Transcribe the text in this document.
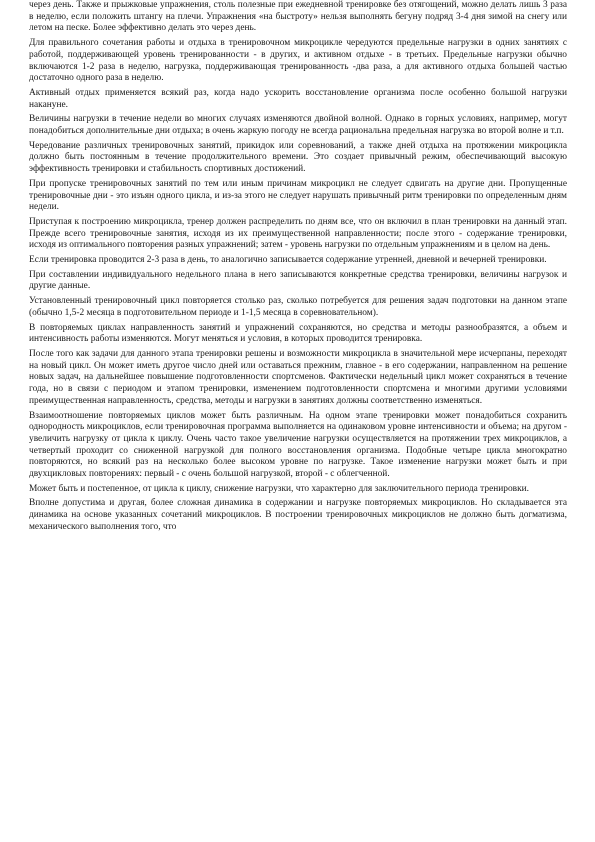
через день. Также и прыжковые упражнения, столь полезные при ежедневной тренировке без отягощений, можно делать лишь 3 раза в неделю, если положить штангу на плечи. Упражнения «на быстроту» нельзя выполнять бегуну подряд 3-4 дня зимой на снегу или летом на песке. Более эффективно делать это через день.

Для правильного сочетания работы и отдыха в тренировочном микроцикле чередуются предельные нагрузки в одних занятиях с работой, поддерживающей уровень тренированности - в других, и активном отдыхе - в третьих. Предельные нагрузки обычно включаются 1-2 раза в неделю, нагрузка, поддерживающая тренированность -два раза, а для активного отдыха большей частью достаточно одного раза в неделю.

Активный отдых применяется всякий раз, когда надо ускорить восстановление организма после особенно большой нагрузки накануне.

Величины нагрузки в течение недели во многих случаях изменяются двойной волной. Однако в горных условиях, например, могут понадобиться дополнительные дни отдыха; в очень жаркую погоду не всегда рациональна предельная нагрузка во второй волне и т.п.

Чередование различных тренировочных занятий, прикидок или соревнований, а также дней отдыха на протяжении микроцикла должно быть постоянным в течение продолжительного времени. Это создает привычный режим, обеспечивающий высокую эффективность тренировки и стабильность спортивных достижений.

При пропуске тренировочных занятий по тем или иным причинам микроцикл не следует сдвигать на другие дни. Пропущенные тренировочные дни - это изъян одного цикла, и из-за этого не следует нарушать привычный ритм тренировки по определенным дням недели.

Приступая к построению микроцикла, тренер должен распределить по дням все, что он включил в план тренировки на данный этап. Прежде всего тренировочные занятия, исходя из их преимущественной направленности; после этого - содержание тренировки, исходя из оптимального повторения разных упражнений; затем - уровень нагрузки по отдельным упражнениям и в целом на день.

Если тренировка проводится 2-3 раза в день, то аналогично записывается содержание утренней, дневной и вечерней тренировки.

При составлении индивидуального недельного плана в него записываются конкретные средства тренировки, величины нагрузок и другие данные.

Установленный тренировочный цикл повторяется столько раз, сколько потребуется для решения задач подготовки на данном этапе (обычно 1,5-2 месяца в подготовительном периоде и 1-1,5 месяца в соревновательном).

В повторяемых циклах направленность занятий и упражнений сохраняются, но средства и методы разнообразятся, а объем и интенсивность работы изменяются. Могут меняться и условия, в которых проводится тренировка.

После того как задачи для данного этапа тренировки решены и возможности микроцикла в значительной мере исчерпаны, переходят на новый цикл. Он может иметь другое число дней или оставаться прежним, главное - в его содержании, направленном на решение новых задач, на дальнейшее повышение подготовленности спортсменов. Фактически недельный цикл может сохраняться в течение года, но в связи с периодом и этапом тренировки, изменением подготовленности спортсмена и многими другими условиями преимущественная направленность, средства, методы и нагрузки в занятиях должны соответственно изменяться.

Взаимоотношение повторяемых циклов может быть различным. На одном этапе тренировки может понадобиться сохранить однородность микроциклов, если тренировочная программа выполняется на одинаковом уровне интенсивности и объема; на другом - увеличить нагрузку от цикла к циклу. Очень часто такое увеличение нагрузки осуществляется на протяжении трех микроциклов, а четвертый проходит со сниженной нагрузкой для полного восстановления организма. Подобные четыре цикла многократно повторяются, но всякий раз на несколько более высоком уровне по нагрузке. Такое изменение нагрузки может быть и при двухцикловых повторениях: первый - с очень большой нагрузкой, второй - с облегченной.

Может быть и постепенное, от цикла к циклу, снижение нагрузки, что характерно для заключительного периода тренировки.

Вполне допустима и другая, более сложная динамика в содержании и нагрузке повторяемых микроциклов. Но складывается эта динамика на основе указанных сочетаний микроциклов. В построении тренировочных микроциклов не должно быть догматизма, механического выполнения того, что
